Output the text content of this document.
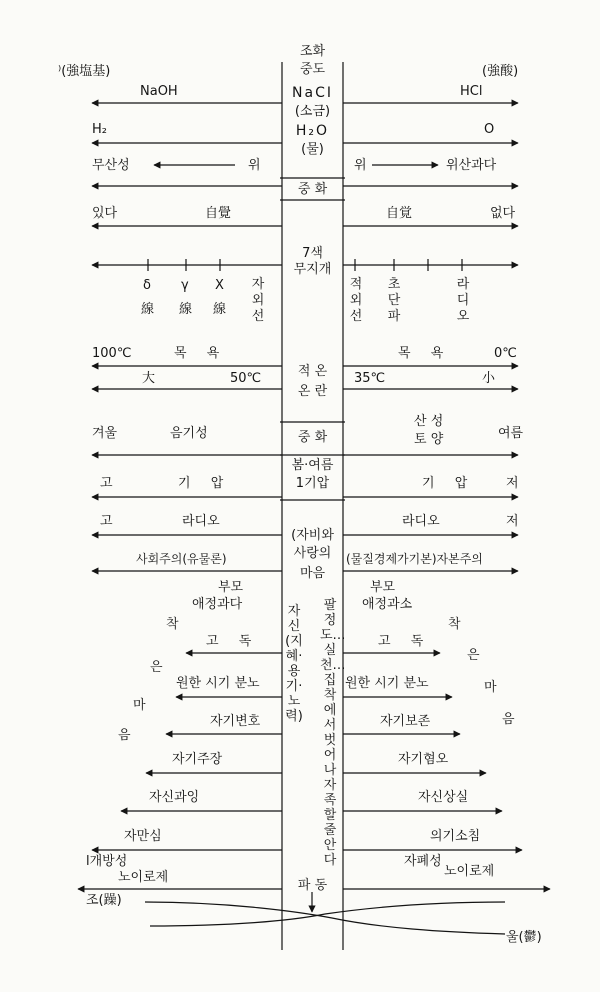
조화
중도
⁾(強塩基)	(強酸)
NaOH	NaCI
(소금)
HCl
H₂	H₂O
(물)
O
무산성	위	위	위산과다
중 화
있다	自覺	自覚	없다
7색
무지개
δ γ X
線 線 線
자외선
적외선
초단파
라디오
100℃	목 욕	목 욕	0℃
大	50℃	35℃	小
적 온
온 란
겨울	음기성	중 화
산 성
토 양	여름
봄·여름
1기압
고	기 압	기 압 저
고	라디오	라디오	저
(자비와
사랑의
마음
사회주의(유물론)	(물질경제가기본)자본주의
부모	부모
애정과다	애정과소
착
은
마
음
착
은
마
음
고 독	고 독
원한 시기 분노	원한 시기 분노
자기변호	자기보존
자기주장	자기혐오
자신과잉	자신상실
자만심	의기소침
l개방성
노이로제
자폐성
노이로제
자신(지혜·용기·노력)
팔정도…실천…집착에서벗어나자족할줄안다
파 동
조(躁)
울(鬱)
